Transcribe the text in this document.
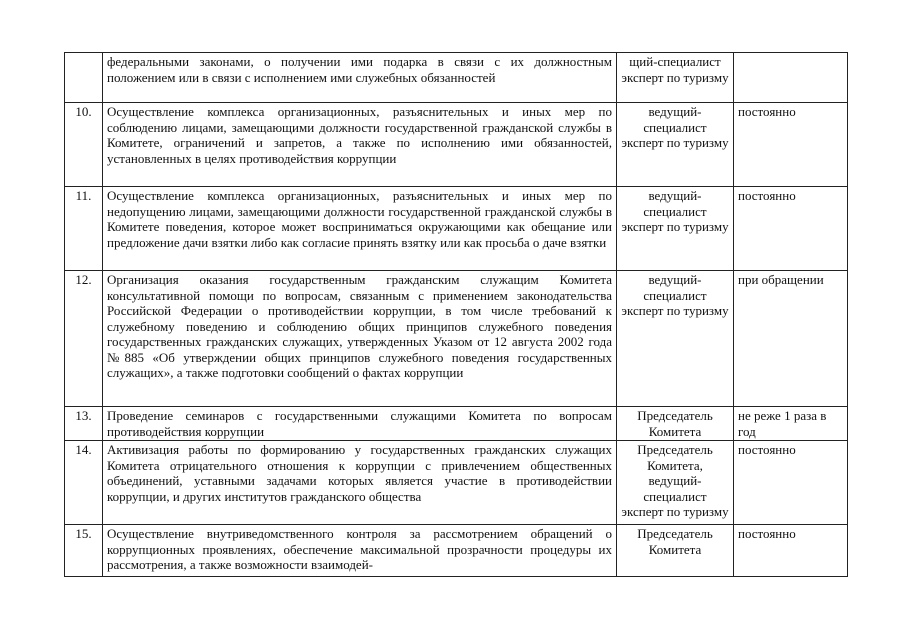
	федеральными законами, о получении ими подарка в связи с их должностным положением или в связи с исполнением ими служебных обязанностей	щий-специалист эксперт по туризму	
10.	Осуществление комплекса организационных, разъяснительных и иных мер по соблюдению лицами, замещающими должности государственной гражданской службы в Комитете, ограничений и запретов, а также по исполнению ими обязанностей, установленных в целях противодействия коррупции	ведущий-специалист эксперт по туризму	постоянно
11.	Осуществление комплекса организационных, разъяснительных и иных мер по недопущению лицами, замещающими должности государственной гражданской службы в Комитете поведения, которое может восприниматься окружающими как обещание или предложение дачи взятки либо как согласие принять взятку или как просьба о даче взятки	ведущий-специалист эксперт по туризму	постоянно
12.	Организация оказания государственным гражданским служащим Комитета консультативной помощи по вопросам, связанным с применением законодательства Российской Федерации о противодействии коррупции, в том числе требований к служебному поведению и соблюдению общих принципов служебного поведения государственных гражданских служащих, утвержденных Указом от 12 августа 2002 года №885 «Об утверждении общих принципов служебного поведения государственных служащих», а также подготовки сообщений о фактах коррупции	ведущий-специалист эксперт по туризму	при обращении
13.	Проведение семинаров с государственными служащими Комитета по вопросам противодействия коррупции	Председатель Комитета	не реже 1 раза в год
14.	Активизация работы по формированию у государственных гражданских служащих Комитета отрицательного отношения к коррупции с привлечением общественных объединений, уставными задачами которых является участие в противодействии коррупции, и других институтов гражданского общества	Председатель Комитета, ведущий-специалист эксперт по туризму	постоянно
15.	Осуществление внутриведомственного контроля за рассмотрением обращений о коррупционных проявлениях, обеспечение максимальной прозрачности процедуры их рассмотрения, а также возможности взаимодей-	Председатель Комитета	постоянно
